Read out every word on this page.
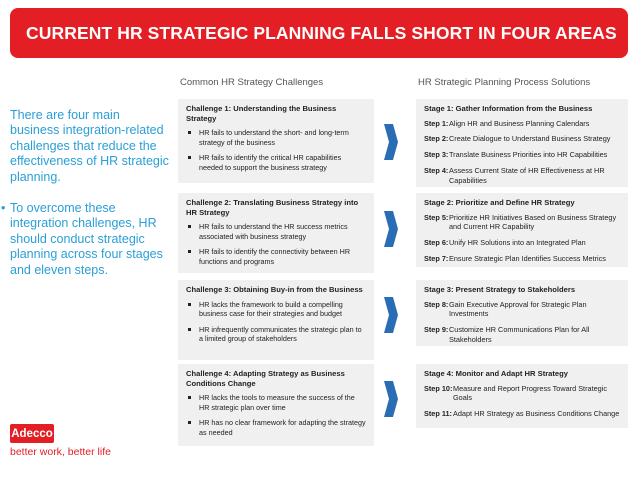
CURRENT HR STRATEGIC PLANNING FALLS SHORT IN FOUR AREAS
Common HR Strategy Challenges	HR Strategic Planning Process Solutions
There are four main business integration-related challenges that reduce the effectiveness of HR strategic planning.
• To overcome these integration challenges, HR should conduct strategic planning across four stages and eleven steps.
Challenge 1: Understanding the Business Strategy
HR fails to understand the short- and long-term strategy of the business
HR fails to identify the critical HR capabilities needed to support the business strategy
Challenge 2: Translating Business Strategy into HR Strategy
HR fails to understand the HR success metrics associated with business strategy
HR fails to identify the connectivity between HR functions and programs
Challenge 3: Obtaining Buy-in from the Business
HR lacks the framework to build a compelling business case for their strategies and budget
HR infrequently communicates the strategic plan to a limited group of stakeholders
Challenge 4: Adapting Strategy as Business Conditions Change
HR lacks the tools to measure the success of the HR strategic plan over time
HR has no clear framework for adapting the strategy as needed
Stage 1: Gather Information from the Business
Step 1: Align HR and Business Planning Calendars
Step 2: Create Dialogue to Understand Business Strategy
Step 3: Translate Business Priorities into HR Capabilities
Step 4: Assess Current State of HR Effectiveness at HR Capabilities
Stage 2: Prioritize and Define HR Strategy
Step 5: Prioritize HR Initiatives Based on Business Strategy and Current HR Capability
Step 6: Unify HR Solutions into an Integrated Plan
Step 7: Ensure Strategic Plan Identifies Success Metrics
Stage 3: Present Strategy to Stakeholders
Step 8: Gain Executive Approval for Strategic Plan Investments
Step 9: Customize HR Communications Plan for All Stakeholders
Stage 4: Monitor and Adapt HR Strategy
Step 10: Measure and Report Progress Toward Strategic Goals
Step 11: Adapt HR Strategy as Business Conditions Change
Adecco
better work, better life
